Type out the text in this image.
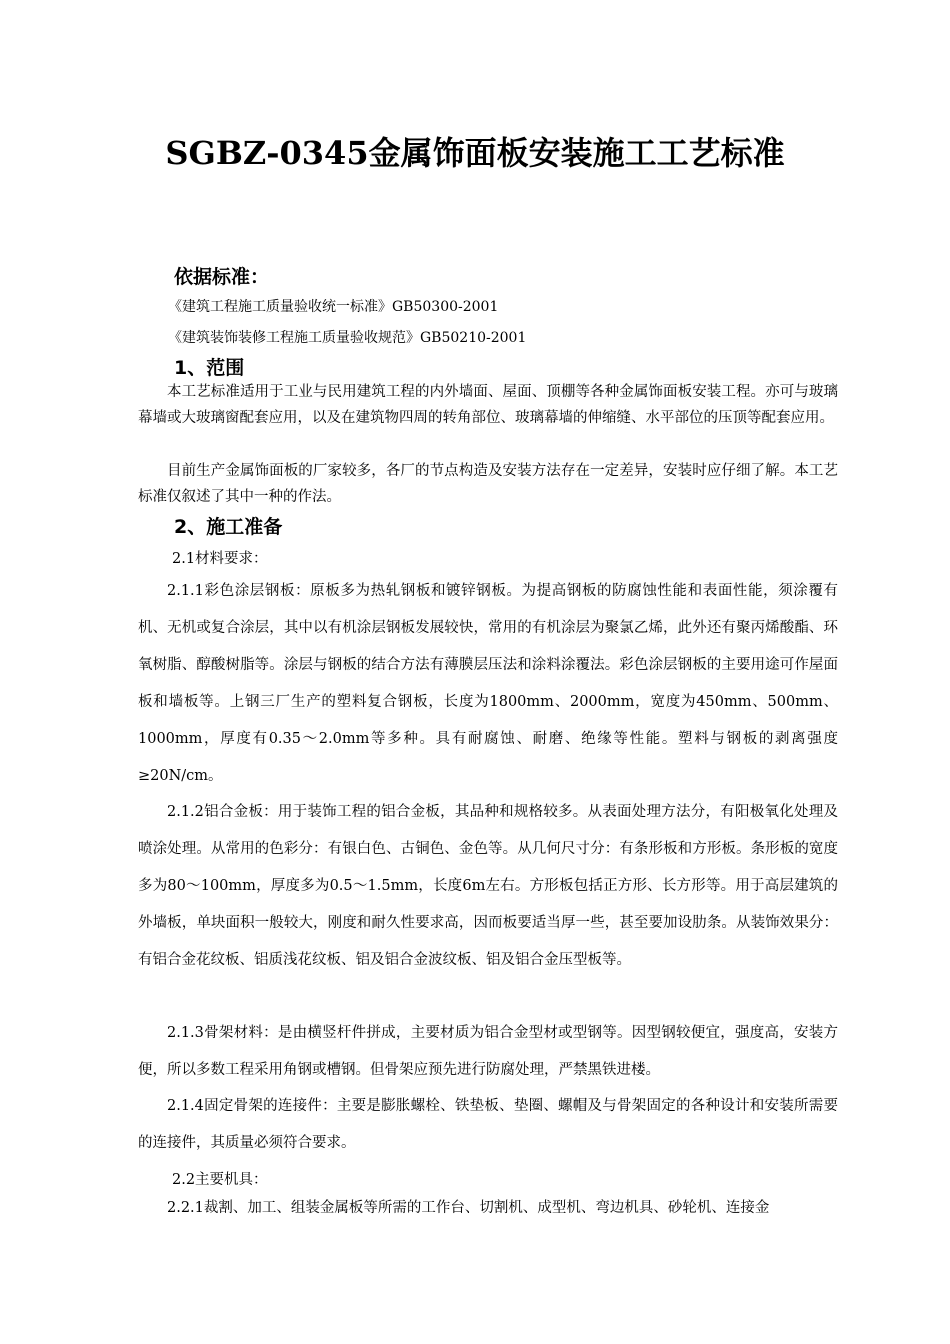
SGBZ-0345金属饰面板安装施工工艺标准
依据标准：
《建筑工程施工质量验收统一标准》GB50300-2001
《建筑装饰装修工程施工质量验收规范》GB50210-2001
1、范围
本工艺标准适用于工业与民用建筑工程的内外墙面、屋面、顶棚等各种金属饰面板安装工程。亦可与玻璃幕墙或大玻璃窗配套应用，以及在建筑物四周的转角部位、玻璃幕墙的伸缩缝、水平部位的压顶等配套应用。
目前生产金属饰面板的厂家较多，各厂的节点构造及安装方法存在一定差异，安装时应仔细了解。本工艺标准仅叙述了其中一种的作法。
2、施工准备
2.1材料要求：
2.1.1彩色涂层钢板：原板多为热轧钢板和镀锌钢板。为提高钢板的防腐蚀性能和表面性能，须涂覆有机、无机或复合涂层，其中以有机涂层钢板发展较快，常用的有机涂层为聚氯乙烯，此外还有聚丙烯酸酯、环氧树脂、醇酸树脂等。涂层与钢板的结合方法有薄膜层压法和涂料涂覆法。彩色涂层钢板的主要用途可作屋面板和墙板等。上钢三厂生产的塑料复合钢板，长度为1800mm、2000mm，宽度为450mm、500mm、1000mm，厚度有0.35～2.0mm等多种。具有耐腐蚀、耐磨、绝缘等性能。塑料与钢板的剥离强度≥20N/cm。
2.1.2铝合金板：用于装饰工程的铝合金板，其品种和规格较多。从表面处理方法分，有阳极氧化处理及喷涂处理。从常用的色彩分：有银白色、古铜色、金色等。从几何尺寸分：有条形板和方形板。条形板的宽度多为80～100mm，厚度多为0.5～1.5mm，长度6m左右。方形板包括正方形、长方形等。用于高层建筑的外墙板，单块面积一般较大，刚度和耐久性要求高，因而板要适当厚一些，甚至要加设肋条。从装饰效果分：有铝合金花纹板、铝质浅花纹板、铝及铝合金波纹板、铝及铝合金压型板等。
2.1.3骨架材料：是由横竖杆件拼成，主要材质为铝合金型材或型钢等。因型钢较便宜，强度高，安装方便，所以多数工程采用角钢或槽钢。但骨架应预先进行防腐处理，严禁黑铁进楼。
2.1.4固定骨架的连接件：主要是膨胀螺栓、铁垫板、垫圈、螺帽及与骨架固定的各种设计和安装所需要的连接件，其质量必须符合要求。
2.2主要机具：
2.2.1裁割、加工、组装金属板等所需的工作台、切割机、成型机、弯边机具、砂轮机、连接金
